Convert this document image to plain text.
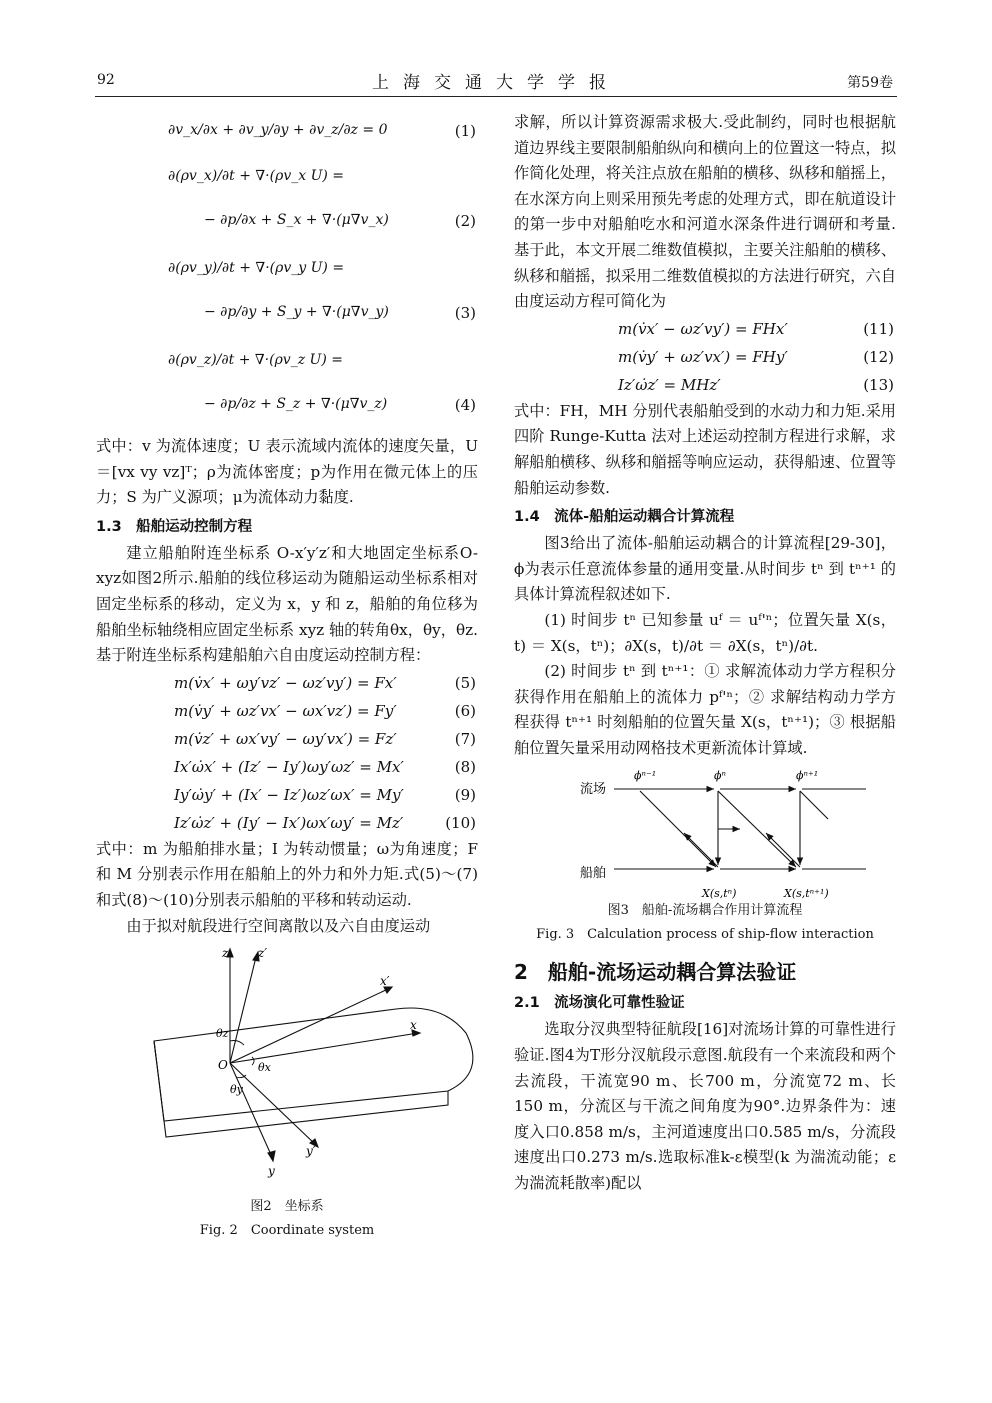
92	上海交通大学学报	第59卷
∂v_x/∂x + ∂v_y/∂y + ∂v_z/∂z = 0	(1)
∂(ρv_x)/∂t + ∇·(ρv_x U) =
− ∂p/∂x + S_x + ∇·(μ∇v_x)	(2)
∂(ρv_y)/∂t + ∇·(ρv_y U) =
− ∂p/∂y + S_y + ∇·(μ∇v_y)	(3)
∂(ρv_z)/∂t + ∇·(ρv_z U) =
− ∂p/∂z + S_z + ∇·(μ∇v_z)	(4)

式中：v 为流体速度；U 表示流域内流体的速度矢量，U＝[vx vy vz]ᵀ；ρ为流体密度；p为作用在微元体上的压力；S 为广义源项；μ为流体动力黏度.

1.3　船舶运动控制方程

建立船舶附连坐标系 O-x′y′z′和大地固定坐标系O-xyz如图2所示.船舶的线位移运动为随船运动坐标系相对固定坐标系的移动，定义为 x，y 和 z，船舶的角位移为船舶坐标轴绕相应固定坐标系 xyz 轴的转角θx，θy，θz.基于附连坐标系构建船舶六自由度运动控制方程：

m(v̇x′ + ωy′vz′ − ωz′vy′) = Fx′	(5)
m(v̇y′ + ωz′vx′ − ωx′vz′) = Fy′	(6)
m(v̇z′ + ωx′vy′ − ωy′vx′) = Fz′	(7)
Ix′ω̇x′ + (Iz′ − Iy′)ωy′ωz′ = Mx′	(8)
Iy′ω̇y′ + (Ix′ − Iz′)ωz′ωx′ = My′	(9)
Iz′ω̇z′ + (Iy′ − Ix′)ωx′ωy′ = Mz′	(10)

式中：m 为船舶排水量；I 为转动惯量；ω为角速度；F 和 M 分别表示作用在船舶上的外力和外力矩.式(5)～(7)和式(8)～(10)分别表示船舶的平移和转动运动.

由于拟对航段进行空间离散以及六自由度运动

z z′
x′
x
y′
y
O
θz
θx
θy

图2　坐标系

Fig. 2　Coordinate system

求解，所以计算资源需求极大.受此制约，同时也根据航道边界线主要限制船舶纵向和横向上的位置这一特点，拟作简化处理，将关注点放在船舶的横移、纵移和艏摇上，在水深方向上则采用预先考虑的处理方式，即在航道设计的第一步中对船舶吃水和河道水深条件进行调研和考量.基于此，本文开展二维数值模拟，主要关注船舶的横移、纵移和艏摇，拟采用二维数值模拟的方法进行研究，六自由度运动方程可简化为

m(v̇x′ − ωz′vy′) = FHx′	(11)
m(v̇y′ + ωz′vx′) = FHy′	(12)
Iz′ω̇z′ = MHz′	(13)

式中：FH，MH 分别代表船舶受到的水动力和力矩.采用四阶 Runge-Kutta 法对上述运动控制方程进行求解，求解船舶横移、纵移和艏摇等响应运动，获得船速、位置等船舶运动参数.

1.4　流体-船舶运动耦合计算流程

图3给出了流体-船舶运动耦合的计算流程[29-30]，ϕ为表示任意流体参量的通用变量.从时间步 tⁿ 到 tⁿ⁺¹ 的具体计算流程叙述如下.

(1) 时间步 tⁿ 已知参量 uᶠ ＝ uᶠ'ⁿ；位置矢量 X(s，t) ＝ X(s，tⁿ)；∂X(s，t)/∂t ＝ ∂X(s，tⁿ)/∂t.

(2) 时间步 tⁿ 到 tⁿ⁺¹：① 求解流体动力学方程积分获得作用在船舶上的流体力 pᶠ'ⁿ；② 求解结构动力学方程获得 tⁿ⁺¹ 时刻船舶的位置矢量 X(s，tⁿ⁺¹)；③ 根据船舶位置矢量采用动网格技术更新流体计算域.

流场
船舶
ϕⁿ⁻¹	ϕⁿ	ϕⁿ⁺¹
X(s,tⁿ)	X(s,tⁿ⁺¹)

图3　船舶-流场耦合作用计算流程

Fig. 3　Calculation process of ship-flow interaction

2　船舶-流场运动耦合算法验证
2.1　流场演化可靠性验证

选取分汊典型特征航段[16]对流场计算的可靠性进行验证.图4为T形分汊航段示意图.航段有一个来流段和两个去流段，干流宽90 m、长700 m，分流宽72 m、长150 m，分流区与干流之间角度为90°.边界条件为：速度入口0.858 m/s，主河道速度出口0.585 m/s，分流段速度出口0.273 m/s.选取标准k-ε模型(k 为湍流动能；ε为湍流耗散率)配以
